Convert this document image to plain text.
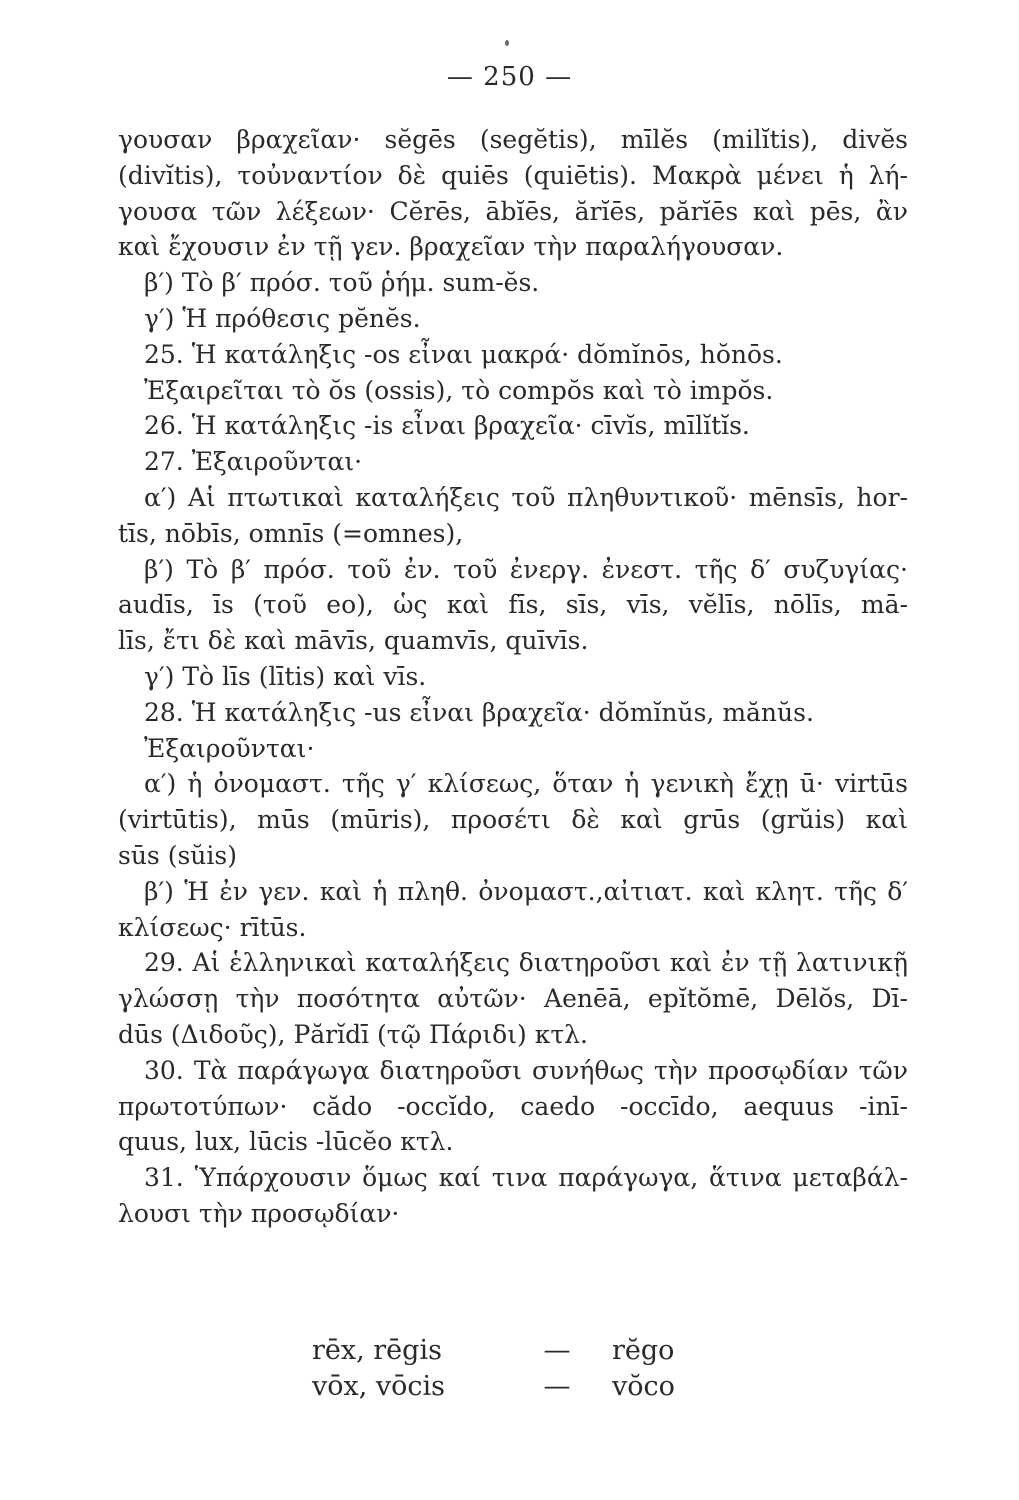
— 250 —
γουσαν βραχεῖαν· sĕgēs (segĕtis), mīlĕs (milĭtis), divĕs
(divĭtis), τοὐναντίον δὲ quiēs (quiētis). Μακρὰ μένει ἡ λή-
γουσα τῶν λέξεων· Cĕrēs, ābĭēs, ărĭēs, părĭēs καὶ pēs, ἂν
καὶ ἔχουσιν ἐν τῇ γεν. βραχεῖαν τὴν παραλήγουσαν.
β′) Τὸ β′ πρόσ. τοῦ ῥήμ. sum-ĕs.
γ′) Ἡ πρόθεσις pĕnĕs.
25. Ἡ κατάληξις -os εἶναι μακρά· dŏmĭnōs, hŏnōs.
Ἐξαιρεῖται τὸ ŏs (ossis), τὸ compŏs καὶ τὸ impŏs.
26. Ἡ κατάληξις -is εἶναι βραχεῖα· cīvĭs, mīlĭtĭs.
27. Ἐξαιροῦνται·
α′) Αἱ πτωτικαὶ καταλήξεις τοῦ πληθυντικοῦ· mēnsīs, hor-
tīs, nōbīs, omnīs (=omnes),
β′) Τὸ β′ πρόσ. τοῦ ἐν. τοῦ ἐνεργ. ἐνεστ. τῆς δ′ συζυγίας·
audīs, īs (τοῦ eo), ὡς καὶ fīs, sīs, vīs, vĕlīs, nōlīs, mā-
līs, ἔτι δὲ καὶ māvīs, quamvīs, quīvīs.
γ′) Τὸ līs (lītis) καὶ vīs.
28. Ἡ κατάληξις -us εἶναι βραχεῖα· dŏmĭnŭs, mănŭs.
Ἐξαιροῦνται·
α′) ἡ ὀνομαστ. τῆς γ′ κλίσεως, ὅταν ἡ γενικὴ ἔχῃ ū· virtūs
(virtūtis), mūs (mūris), προσέτι δὲ καὶ grūs (grŭis) καὶ
sūs (sŭis)
β′) Ἡ ἐν γεν. καὶ ἡ πληθ. ὀνομαστ.,αἰτιατ. καὶ κλητ. τῆς δ′
κλίσεως· rītūs.
29. Αἱ ἑλληνικαὶ καταλήξεις διατηροῦσι καὶ ἐν τῇ λατινικῇ
γλώσσῃ τὴν ποσότητα αὐτῶν· Aenēā, epĭtŏmē, Dēlŏs, Dī-
dūs (Διδοῦς), Părĭdī (τῷ Πάριδι) κτλ.
30. Τὰ παράγωγα διατηροῦσι συνήθως τὴν προσῳδίαν τῶν
πρωτοτύπων· cădo -occĭdo, caedo -occīdo, aequus -inī-
quus, lux, lūcis -lūcĕo κτλ.
31. Ὑπάρχουσιν ὅμως καί τινα παράγωγα, ἅτινα μεταβάλ-
λουσι τὴν προσῳδίαν·
rēx, rēgis	—	rĕgo
vōx, vōcis	—	vŏco
